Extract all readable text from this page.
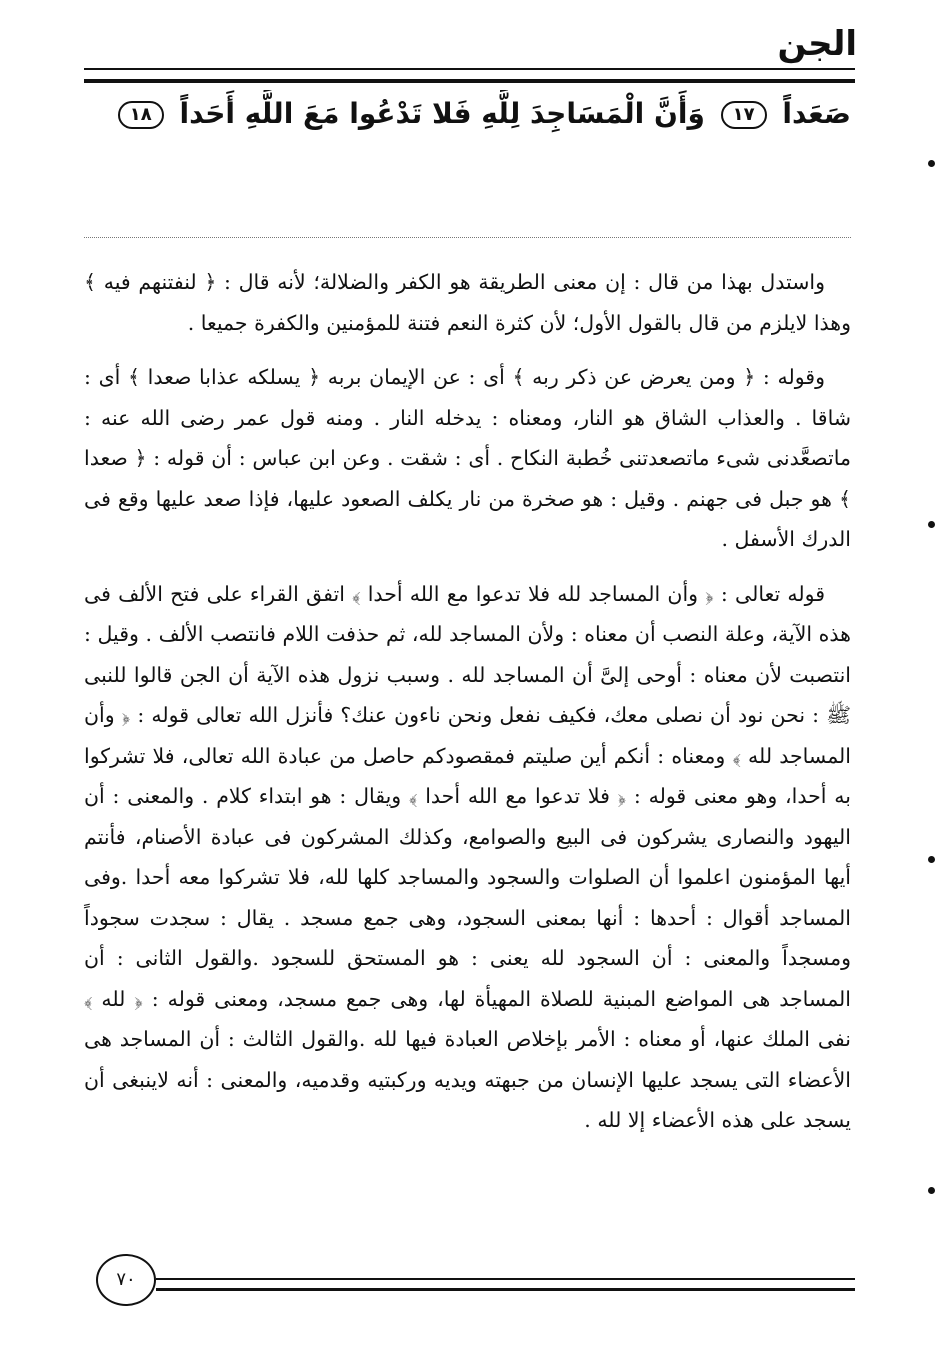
الجن
صَعَداً ١٧ وَأَنَّ الْمَسَاجِدَ لِلَّهِ فَلا تَدْعُوا مَعَ اللَّهِ أَحَداً ١٨

واستدل بهذا من قال : إن معنى الطريقة هو الكفر والضلالة؛ لأنه قال : ﴿ لنفتنهم فيه ﴾ وهذا لايلزم من قال بالقول الأول؛ لأن كثرة النعم فتنة للمؤمنين والكفرة جميعا .

وقوله : ﴿ ومن يعرض عن ذكر ربه ﴾ أى : عن الإيمان بربه ﴿ يسلكه عذابا صعدا ﴾ أى : شاقا . والعذاب الشاق هو النار، ومعناه : يدخله النار . ومنه قول عمر رضى الله عنه : ماتصعَّدنى شىء ماتصعدتنى خُطبة النكاح . أى : شقت . وعن ابن عباس : أن قوله : ﴿ صعدا ﴾ هو جبل فى جهنم . وقيل : هو صخرة من نار يكلف الصعود عليها، فإذا صعد عليها وقع فى الدرك الأسفل .

قوله تعالى : ﴿ وأن المساجد لله فلا تدعوا مع الله أحدا ﴾ اتفق القراء على فتح الألف فى هذه الآية، وعلة النصب أن معناه : ولأن المساجد لله، ثم حذفت اللام فانتصب الألف . وقيل : انتصبت لأن معناه : أوحى إلىَّ أن المساجد لله . وسبب نزول هذه الآية أن الجن قالوا للنبى ﷺ : نحن نود أن نصلى معك، فكيف نفعل ونحن ناءون عنك؟ فأنزل الله تعالى قوله : ﴿ وأن المساجد لله ﴾ ومعناه : أنكم أين صليتم فمقصودكم حاصل من عبادة الله تعالى، فلا تشركوا به أحدا، وهو معنى قوله : ﴿ فلا تدعوا مع الله أحدا ﴾ ويقال : هو ابتداء كلام . والمعنى : أن اليهود والنصارى يشركون فى البيع والصوامع، وكذلك المشركون فى عبادة الأصنام، فأنتم أيها المؤمنون اعلموا أن الصلوات والسجود والمساجد كلها لله، فلا تشركوا معه أحدا .وفى المساجد أقوال : أحدها : أنها بمعنى السجود، وهى جمع مسجد . يقال : سجدت سجوداً ومسجداً والمعنى : أن السجود لله يعنى : هو المستحق للسجود .والقول الثانى : أن المساجد هى المواضع المبنية للصلاة المهيأة لها، وهى جمع مسجد، ومعنى قوله : ﴿ لله ﴾ نفى الملك عنها، أو معناه : الأمر بإخلاص العبادة فيها لله .والقول الثالث : أن المساجد هى الأعضاء التى يسجد عليها الإنسان من جبهته ويديه وركبتيه وقدميه، والمعنى : أنه لاينبغى أن يسجد على هذه الأعضاء إلا لله .

٧٠
